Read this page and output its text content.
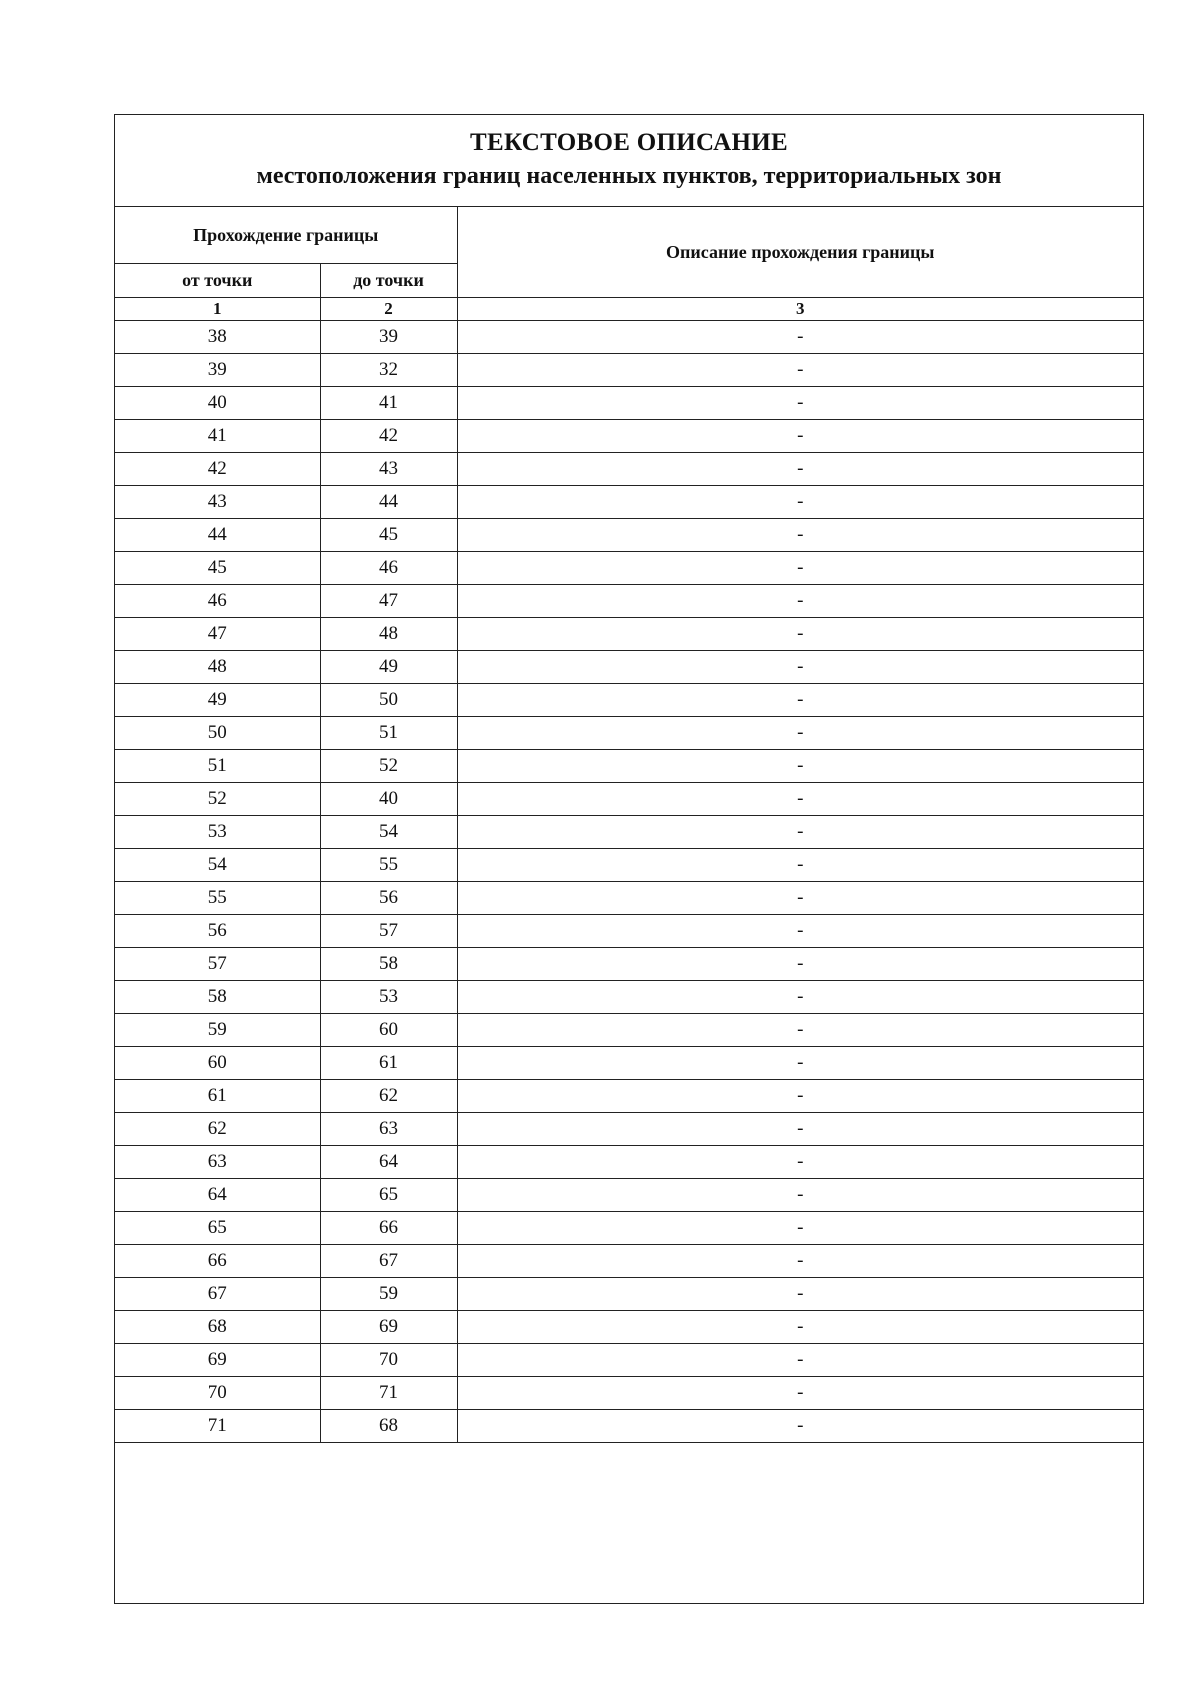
ТЕКСТОВОЕ ОПИСАНИЕ
местоположения границ населенных пунктов, территориальных зон
Прохождение границы		Описание прохождения границы
от точки	до точки	
1	2	3
38	39	-
39	32	-
40	41	-
41	42	-
42	43	-
43	44	-
44	45	-
45	46	-
46	47	-
47	48	-
48	49	-
49	50	-
50	51	-
51	52	-
52	40	-
53	54	-
54	55	-
55	56	-
56	57	-
57	58	-
58	53	-
59	60	-
60	61	-
61	62	-
62	63	-
63	64	-
64	65	-
65	66	-
66	67	-
67	59	-
68	69	-
69	70	-
70	71	-
71	68	-
